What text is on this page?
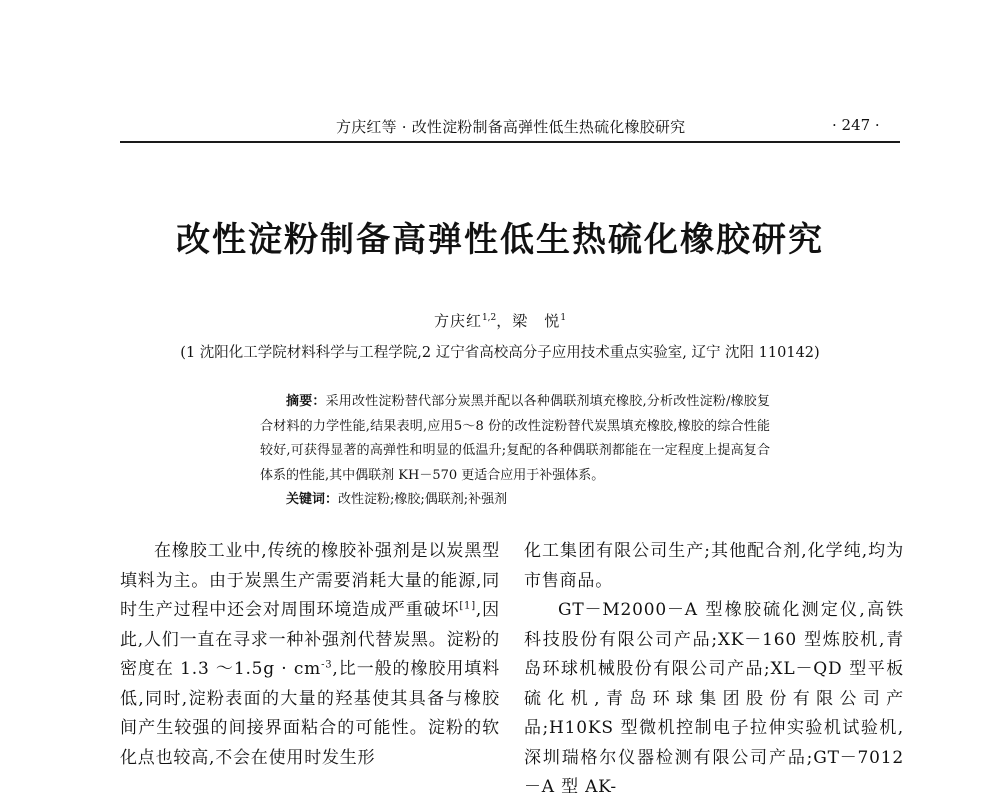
方庆红等 · 改性淀粉制备高弹性低生热硫化橡胶研究	· 247 ·
改性淀粉制备高弹性低生热硫化橡胶研究
方庆红$^{1,2}$，梁　悦$^1$
(1 沈阳化工学院材料科学与工程学院,2 辽宁省高校高分子应用技术重点实验室, 辽宁 沈阳 110142)

摘要：采用改性淀粉替代部分炭黑并配以各种偶联剂填充橡胶,分析改性淀粉/橡胶复合材料的力学性能,结果表明,应用5～8 份的改性淀粉替代炭黑填充橡胶,橡胶的综合性能较好,可获得显著的高弹性和明显的低温升;复配的各种偶联剂都能在一定程度上提高复合体系的性能,其中偶联剂 KH－570 更适合应用于补强体系。

关键词：改性淀粉;橡胶;偶联剂;补强剂

在橡胶工业中,传统的橡胶补强剂是以炭黑型填料为主。由于炭黑生产需要消耗大量的能源,同时生产过程中还会对周围环境造成严重破坏[1],因此,人们一直在寻求一种补强剂代替炭黑。淀粉的密度在 1.3 ～1.5g · $cm^{-3}$,比一般的橡胶用填料低,同时,淀粉表面的大量的羟基使其具备与橡胶间产生较强的间接界面粘合的可能性。淀粉的软化点也较高,不会在使用时发生形

化工集团有限公司生产;其他配合剂,化学纯,均为市售商品。

GT－M2000－A 型橡胶硫化测定仪,高铁科技股份有限公司产品;XK－160 型炼胶机,青岛环球机械股份有限公司产品;XL－QD 型平板硫化机,青岛环球集团股份有限公司产品;H10KS 型微机控制电子拉伸实验机试验机,深圳瑞格尔仪器检测有限公司产品;GT－7012－A 型 AK-
